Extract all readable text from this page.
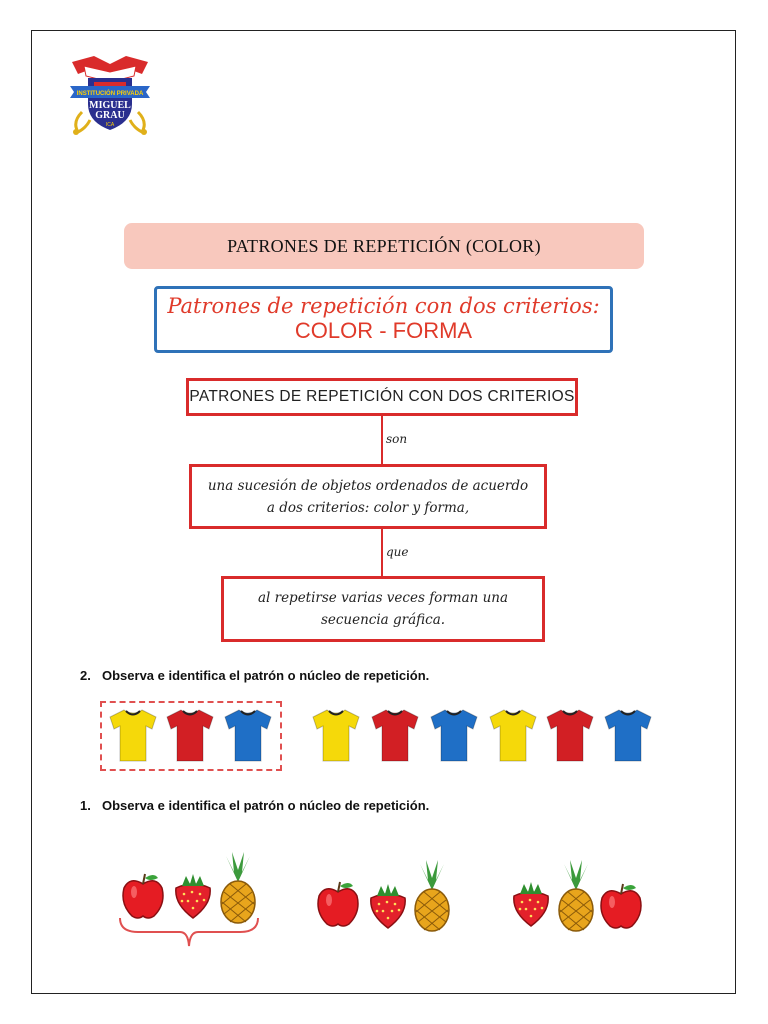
INSTITUCIÓN PRIVADA
MIGUEL
GRAU
ICA
PATRONES DE REPETICIÓN (COLOR)
Patrones de repetición con dos criterios:
COLOR - FORMA
PATRONES DE REPETICIÓN CON DOS CRITERIOS
son
una sucesión de objetos ordenados de acuerdo
a dos criterios: color y forma,
que
al repetirse varias veces forman una
secuencia gráfica.
2. Observa e identifica el patrón o núcleo de repetición.
1. Observa e identifica el patrón o núcleo de repetición.
